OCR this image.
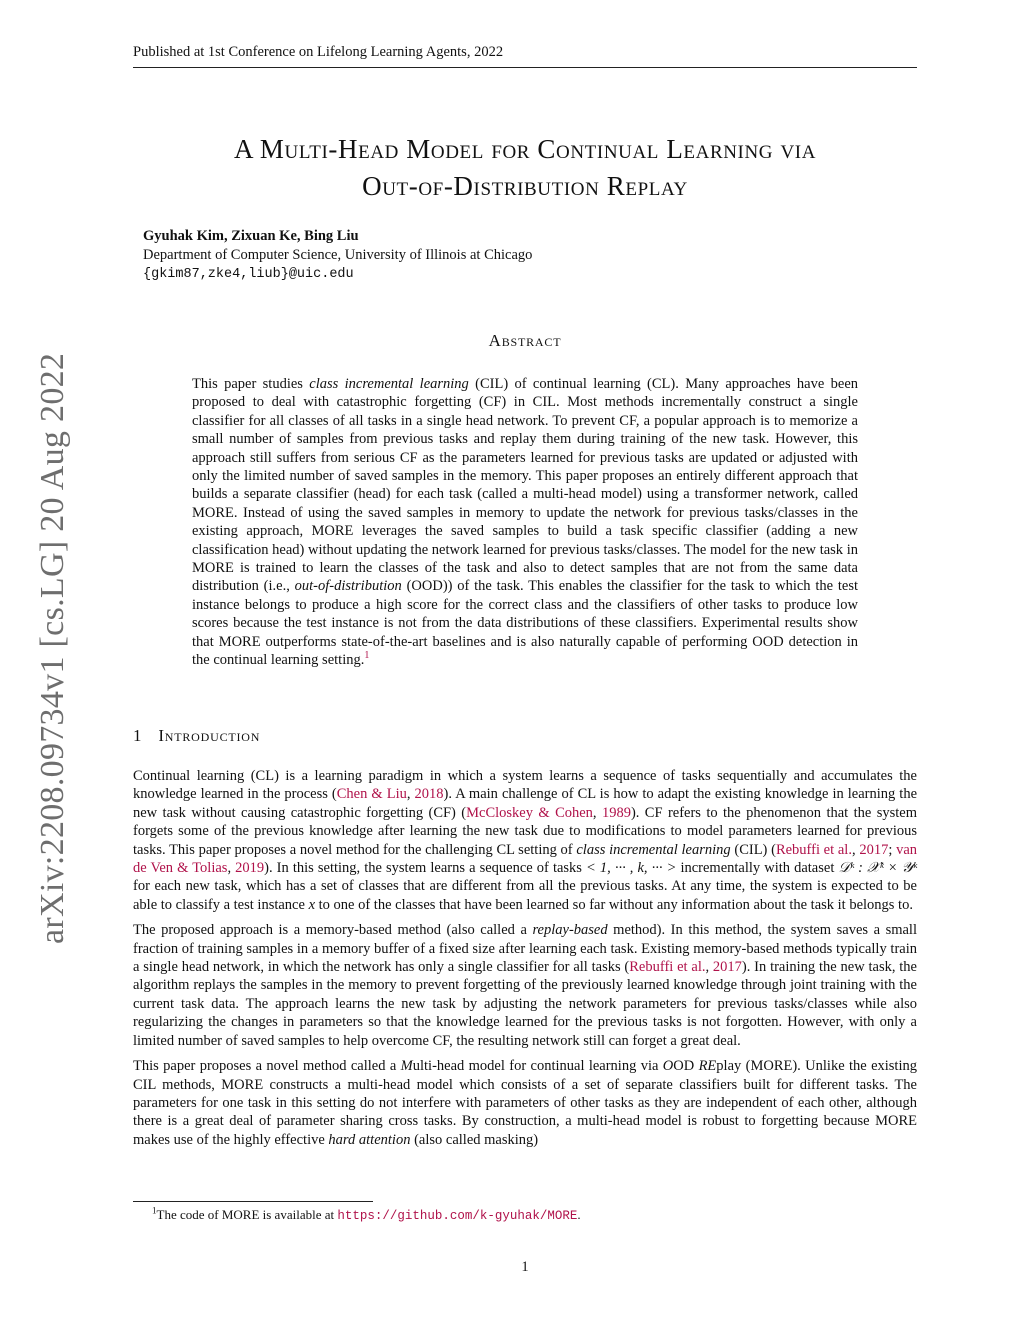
Published at 1st Conference on Lifelong Learning Agents, 2022
arXiv:2208.09734v1 [cs.LG] 20 Aug 2022
A Multi-Head Model for Continual Learning via
Out-of-Distribution Replay
Gyuhak Kim, Zixuan Ke, Bing Liu
Department of Computer Science, University of Illinois at Chicago
{gkim87,zke4,liub}@uic.edu
Abstract
This paper studies class incremental learning (CIL) of continual learning (CL). Many approaches have been proposed to deal with catastrophic forgetting (CF) in CIL. Most methods incrementally construct a single classifier for all classes of all tasks in a single head network. To prevent CF, a popular approach is to memorize a small number of samples from previous tasks and replay them during training of the new task. However, this approach still suffers from serious CF as the parameters learned for previous tasks are updated or adjusted with only the limited number of saved samples in the memory. This paper proposes an entirely different approach that builds a separate classifier (head) for each task (called a multi-head model) using a transformer network, called MORE. Instead of using the saved samples in memory to update the network for previous tasks/classes in the existing approach, MORE leverages the saved samples to build a task specific classifier (adding a new classification head) without updating the network learned for previous tasks/classes. The model for the new task in MORE is trained to learn the classes of the task and also to detect samples that are not from the same data distribution (i.e., out-of-distribution (OOD)) of the task. This enables the classifier for the task to which the test instance belongs to produce a high score for the correct class and the classifiers of other tasks to produce low scores because the test instance is not from the data distributions of these classifiers. Experimental results show that MORE outperforms state-of-the-art baselines and is also naturally capable of performing OOD detection in the continual learning setting.$^1$
1 Introduction

Continual learning (CL) is a learning paradigm in which a system learns a sequence of tasks sequentially and accumulates the knowledge learned in the process (Chen & Liu, 2018). A main challenge of CL is how to adapt the existing knowledge in learning the new task without causing catastrophic forgetting (CF) (McCloskey & Cohen, 1989). CF refers to the phenomenon that the system forgets some of the previous knowledge after learning the new task due to modifications to model parameters learned for previous tasks. This paper proposes a novel method for the challenging CL setting of class incremental learning (CIL) (Rebuffi et al., 2017; van de Ven & Tolias, 2019). In this setting, the system learns a sequence of tasks < 1, ··· , k, ··· > incrementally with dataset 𝒟ᵏ : 𝒳ᵏ × 𝒴ᵏ for each new task, which has a set of classes that are different from all the previous tasks. At any time, the system is expected to be able to classify a test instance x to one of the classes that have been learned so far without any information about the task it belongs to.

The proposed approach is a memory-based method (also called a replay-based method). In this method, the system saves a small fraction of training samples in a memory buffer of a fixed size after learning each task. Existing memory-based methods typically train a single head network, in which the network has only a single classifier for all tasks (Rebuffi et al., 2017). In training the new task, the algorithm replays the samples in the memory to prevent forgetting of the previously learned knowledge through joint training with the current task data. The approach learns the new task by adjusting the network parameters for previous tasks/classes while also regularizing the changes in parameters so that the knowledge learned for the previous tasks is not forgotten. However, with only a limited number of saved samples to help overcome CF, the resulting network still can forget a great deal.

This paper proposes a novel method called a Multi-head model for continual learning via OOD REplay (MORE). Unlike the existing CIL methods, MORE constructs a multi-head model which consists of a set of separate classifiers built for different tasks. The parameters for one task in this setting do not interfere with parameters of other tasks as they are independent of each other, although there is a great deal of parameter sharing cross tasks. By construction, a multi-head model is robust to forgetting because MORE makes use of the highly effective hard attention (also called masking)

$^1$The code of MORE is available at https://github.com/k-gyuhak/MORE.
1
